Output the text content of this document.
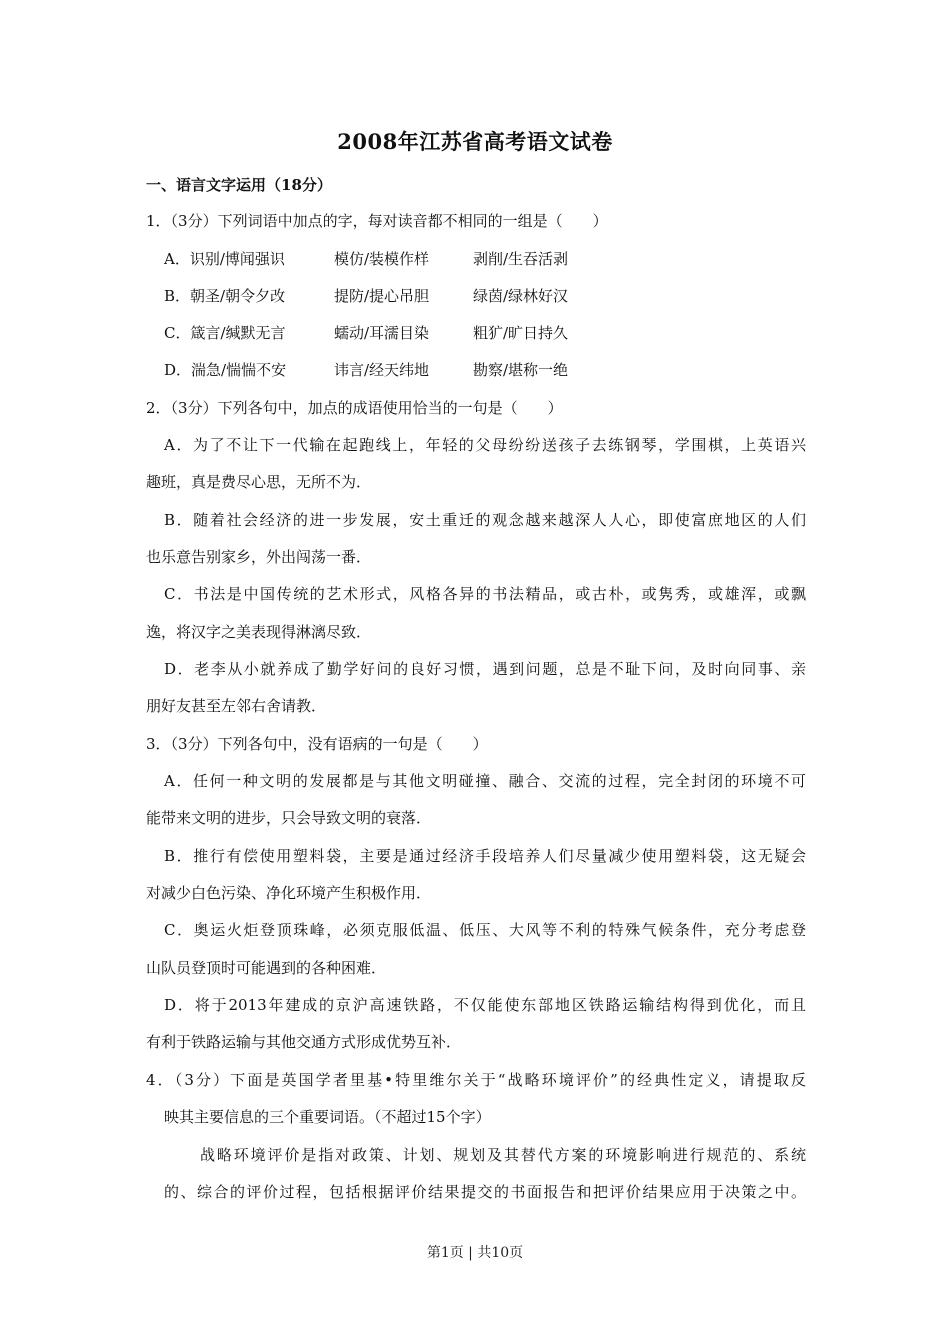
2008年江苏省高考语文试卷
一、语言文字运用（18分）
1．（3分）下列词语中加点的字，每对读音都不相同的一组是（　　）
A．识别/博闻强识	模仿/装模作样	剥削/生吞活剥
B．朝圣/朝令夕改	提防/提心吊胆	绿茵/绿林好汉
C．箴言/缄默无言	蠕动/耳濡目染	粗犷/旷日持久
D．湍急/惴惴不安	讳言/经天纬地	勘察/堪称一绝
2．（3分）下列各句中，加点的成语使用恰当的一句是（　　）
A．为了不让下一代输在起跑线上，年轻的父母纷纷送孩子去练钢琴，学围棋，上英语兴
趣班，真是费尽心思，无所不为．
B．随着社会经济的进一步发展，安土重迁的观念越来越深人人心，即使富庶地区的人们
也乐意告别家乡，外出闯荡一番．
C．书法是中国传统的艺术形式，风格各异的书法精品，或古朴，或隽秀，或雄浑，或飘
逸，将汉字之美表现得淋漓尽致．
D．老李从小就养成了勤学好问的良好习惯，遇到问题，总是不耻下问，及时向同事、亲
朋好友甚至左邻右舍请教．
3．（3分）下列各句中，没有语病的一句是（　　）
A．任何一种文明的发展都是与其他文明碰撞、融合、交流的过程，完全封闭的环境不可
能带来文明的进步，只会导致文明的衰落．
B．推行有偿使用塑料袋，主要是通过经济手段培养人们尽量减少使用塑料袋，这无疑会
对减少白色污染、净化环境产生积极作用．
C．奥运火炬登顶珠峰，必须克服低温、低压、大风等不利的特殊气候条件，充分考虑登
山队员登顶时可能遇到的各种困难．
D．将于2013年建成的京沪高速铁路，不仅能使东部地区铁路运输结构得到优化，而且
有利于铁路运输与其他交通方式形成优势互补．
4．（3分）下面是英国学者里基•特里维尔关于“战略环境评价”的经典性定义，请提取反
映其主要信息的三个重要词语。（不超过15个字）
战略环境评价是指对政策、计划、规划及其替代方案的环境影响进行规范的、系统
的、综合的评价过程，包括根据评价结果提交的书面报告和把评价结果应用于决策之中。
第1页 | 共10页
